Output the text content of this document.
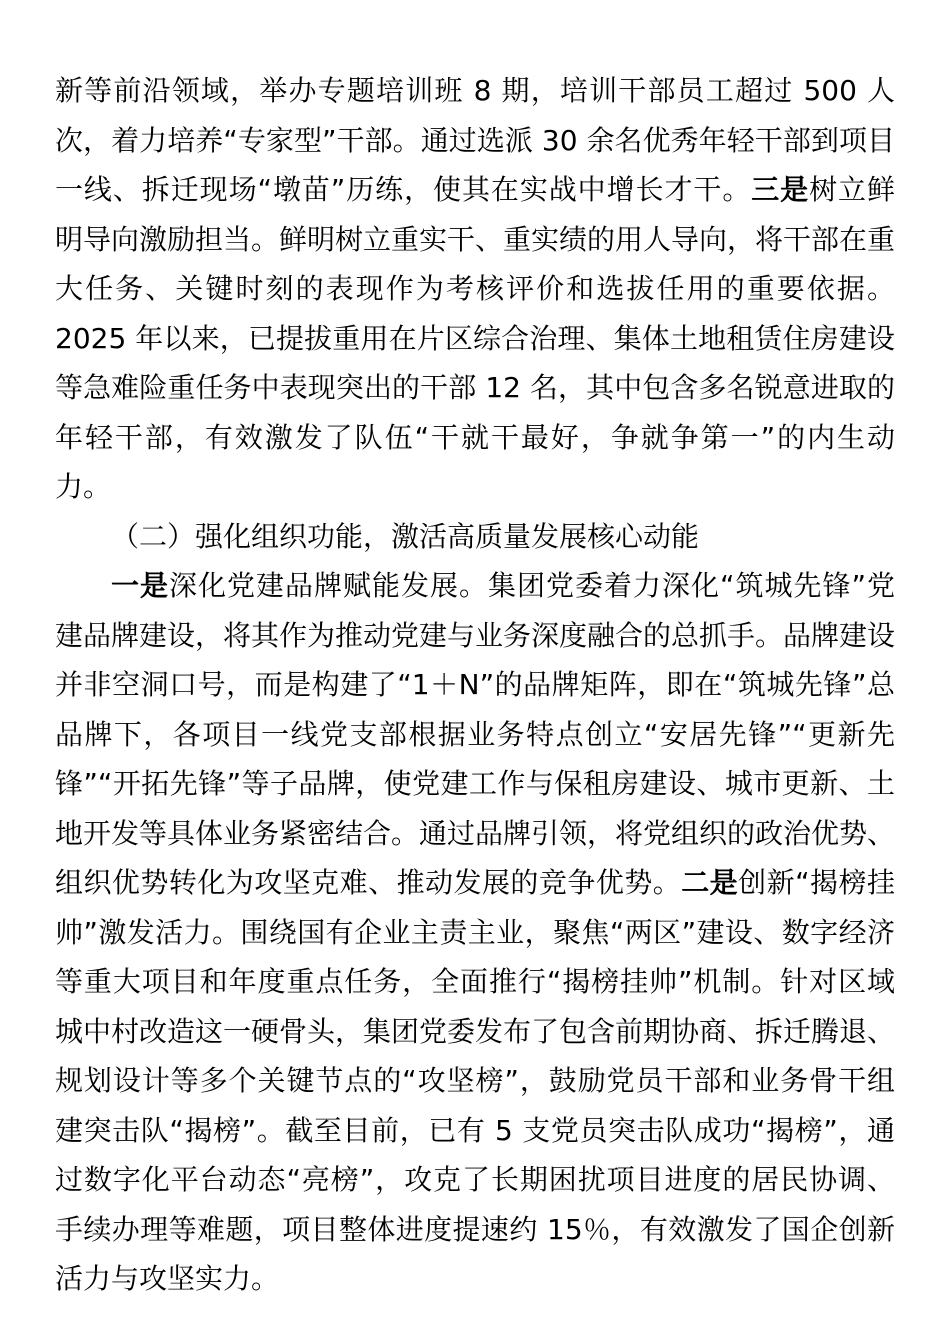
新等前沿领域，举办专题培训班 8 期，培训干部员工超过 500 人次，着力培养“专家型”干部。通过选派 30 余名优秀年轻干部到项目一线、拆迁现场“墩苗”历练，使其在实战中增长才干。三是树立鲜明导向激励担当。鲜明树立重实干、重实绩的用人导向，将干部在重大任务、关键时刻的表现作为考核评价和选拔任用的重要依据。2025 年以来，已提拔重用在片区综合治理、集体土地租赁住房建设等急难险重任务中表现突出的干部 12 名，其中包含多名锐意进取的年轻干部，有效激发了队伍“干就干最好，争就争第一”的内生动力。

（二）强化组织功能，激活高质量发展核心动能

一是深化党建品牌赋能发展。集团党委着力深化“筑城先锋”党建品牌建设，将其作为推动党建与业务深度融合的总抓手。品牌建设并非空洞口号，而是构建了“1＋N”的品牌矩阵，即在“筑城先锋”总品牌下，各项目一线党支部根据业务特点创立“安居先锋”“更新先锋”“开拓先锋”等子品牌，使党建工作与保租房建设、城市更新、土地开发等具体业务紧密结合。通过品牌引领，将党组织的政治优势、组织优势转化为攻坚克难、推动发展的竞争优势。二是创新“揭榜挂帅”激发活力。围绕国有企业主责主业，聚焦“两区”建设、数字经济等重大项目和年度重点任务，全面推行“揭榜挂帅”机制。针对区域城中村改造这一硬骨头，集团党委发布了包含前期协商、拆迁腾退、规划设计等多个关键节点的“攻坚榜”，鼓励党员干部和业务骨干组建突击队“揭榜”。截至目前，已有 5 支党员突击队成功“揭榜”，通过数字化平台动态“亮榜”，攻克了长期困扰项目进度的居民协调、手续办理等难题，项目整体进度提速约 15％，有效激发了国企创新活力与攻坚实力。
